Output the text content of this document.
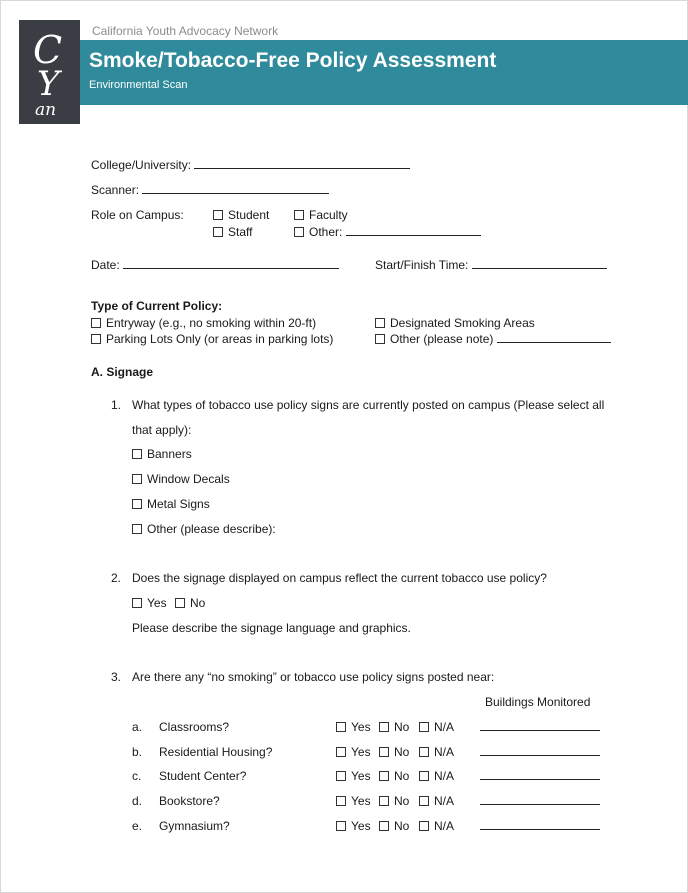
C
Y
an
California Youth Advocacy Network
Smoke/Tobacco-Free Policy Assessment
Environmental Scan
College/University:
Scanner:
Role on Campus:	Student	Faculty
Staff	Other:
Date:	Start/Finish Time:
Type of Current Policy:
Entryway (e.g., no smoking within 20-ft)	Designated Smoking Areas
Parking Lots Only (or areas in parking lots)	Other (please note)
A. Signage
1. What types of tobacco use policy signs are currently posted on campus (Please select all
that apply):
Banners
Window Decals
Metal Signs
Other (please describe):
2. Does the signage displayed on campus reflect the current tobacco use policy?
Yes	No
Please describe the signage language and graphics.
3. Are there any “no smoking” or tobacco use policy signs posted near:
Buildings Monitored
a. Classrooms?	Yes	No	N/A
b. Residential Housing?	Yes	No	N/A
c. Student Center?	Yes	No	N/A
d. Bookstore?	Yes	No	N/A
e. Gymnasium?	Yes	No	N/A
